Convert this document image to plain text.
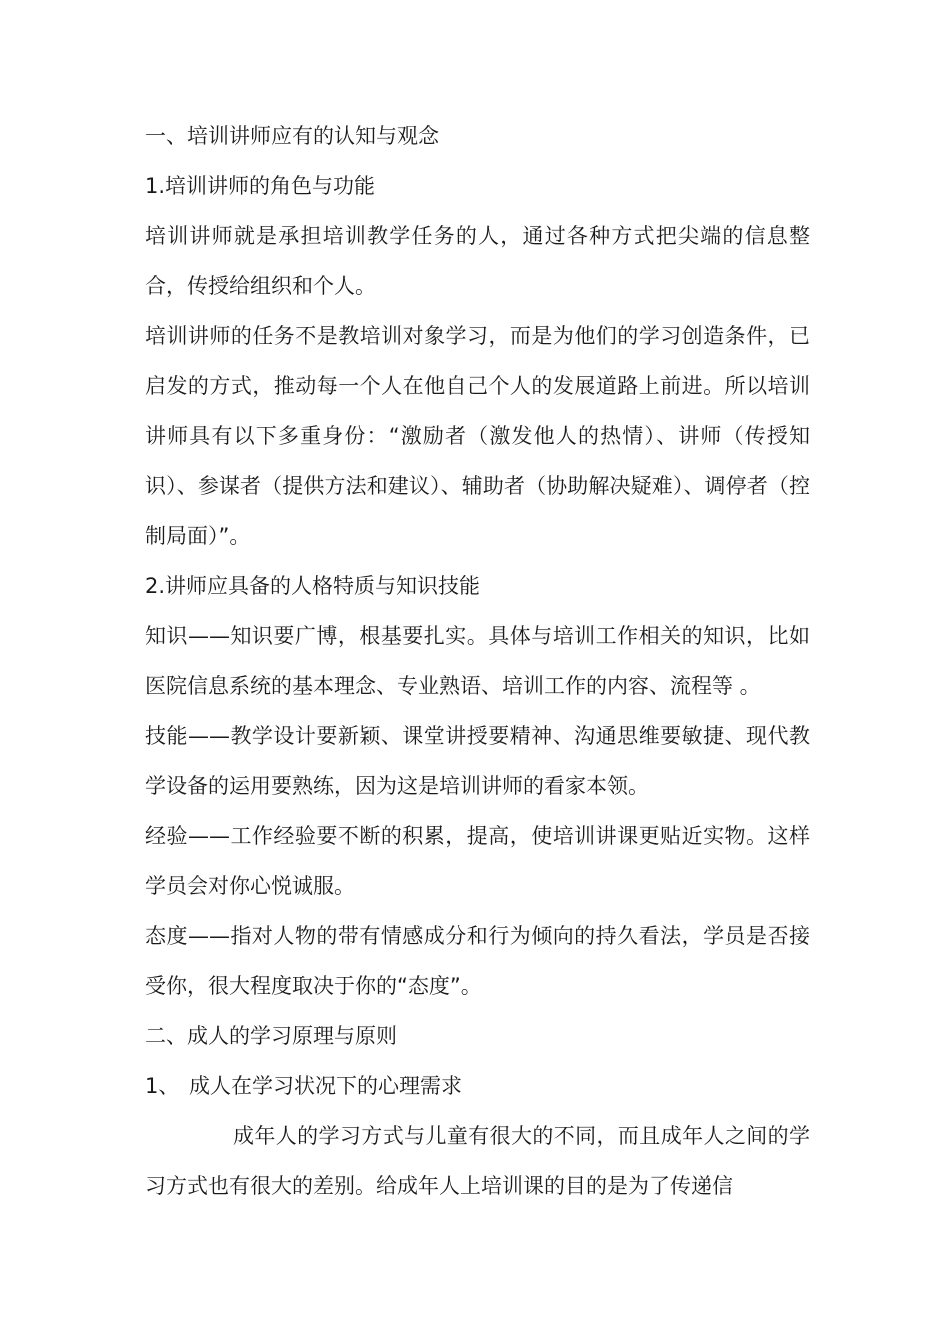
一、培训讲师应有的认知与观念

1.培训讲师的角色与功能

培训讲师就是承担培训教学任务的人，通过各种方式把尖端的信息整合，传授给组织和个人。

培训讲师的任务不是教培训对象学习，而是为他们的学习创造条件，已启发的方式，推动每一个人在他自己个人的发展道路上前进。所以培训讲师具有以下多重身份：“激励者（激发他人的热情）、讲师（传授知识）、参谋者（提供方法和建议）、辅助者（协助解决疑难）、调停者（控制局面）”。

2.讲师应具备的人格特质与知识技能

知识——知识要广博，根基要扎实。具体与培训工作相关的知识，比如医院信息系统的基本理念、专业熟语、培训工作的内容、流程等 。

技能——教学设计要新颖、课堂讲授要精神、沟通思维要敏捷、现代教学设备的运用要熟练，因为这是培训讲师的看家本领。

经验——工作经验要不断的积累，提高，使培训讲课更贴近实物。这样学员会对你心悦诚服。

态度——指对人物的带有情感成分和行为倾向的持久看法，学员是否接受你，很大程度取决于你的“态度”。

二、成人的学习原理与原则

1、 成人在学习状况下的心理需求

成年人的学习方式与儿童有很大的不同，而且成年人之间的学习方式也有很大的差别。给成年人上培训课的目的是为了传递信
